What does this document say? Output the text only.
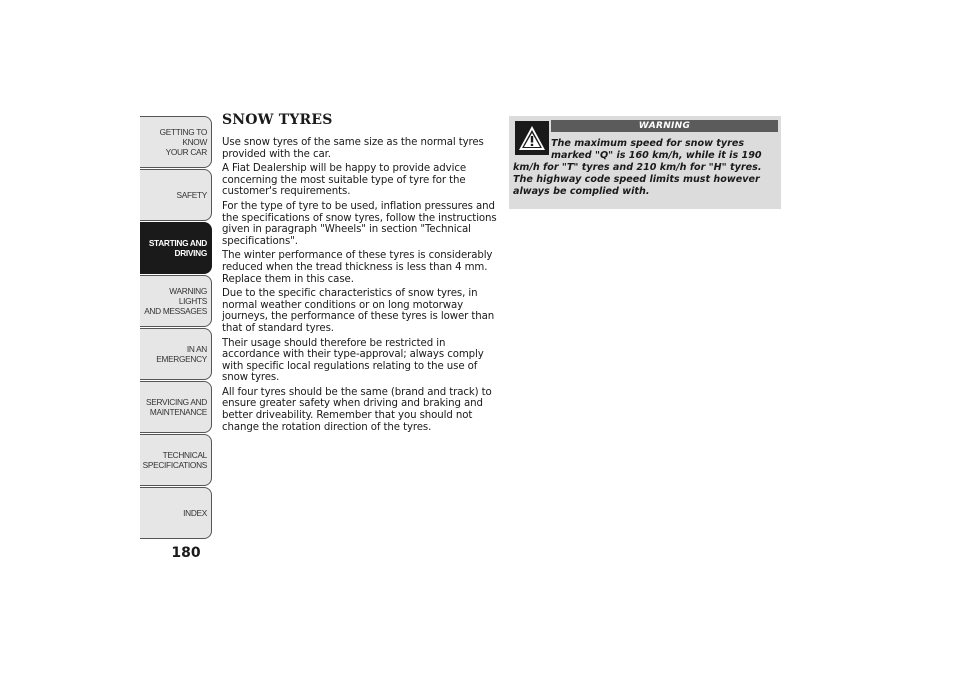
GETTING TO KNOW
YOUR CAR
SAFETY
STARTING AND
DRIVING
WARNING LIGHTS
AND MESSAGES
IN AN EMERGENCY
SERVICING AND
MAINTENANCE
TECHNICAL
SPECIFICATIONS
INDEX
180
SNOW TYRES

Use snow tyres of the same size as the normal tyres provided with the car.

A Fiat Dealership will be happy to provide advice concerning the most suitable type of tyre for the customer's requirements.

For the type of tyre to be used, inflation pressures and the specifications of snow tyres, follow the instructions given in paragraph "Wheels" in section "Technical specifications".

The winter performance of these tyres is considerably reduced when the tread thickness is less than 4 mm. Replace them in this case.

Due to the specific characteristics of snow tyres, in normal weather conditions or on long motorway journeys, the performance of these tyres is lower than that of standard tyres.

Their usage should therefore be restricted in accordance with their type-approval; always comply with specific local regulations relating to the use of snow tyres.

All four tyres should be the same (brand and track) to ensure greater safety when driving and braking and better driveability. Remember that you should not change the rotation direction of the tyres.

WARNING
The maximum speed for snow tyres marked "Q" is 160 km/h, while it is 190 km/h for "T" tyres and 210 km/h for "H" tyres. The highway code speed limits must however always be complied with.
